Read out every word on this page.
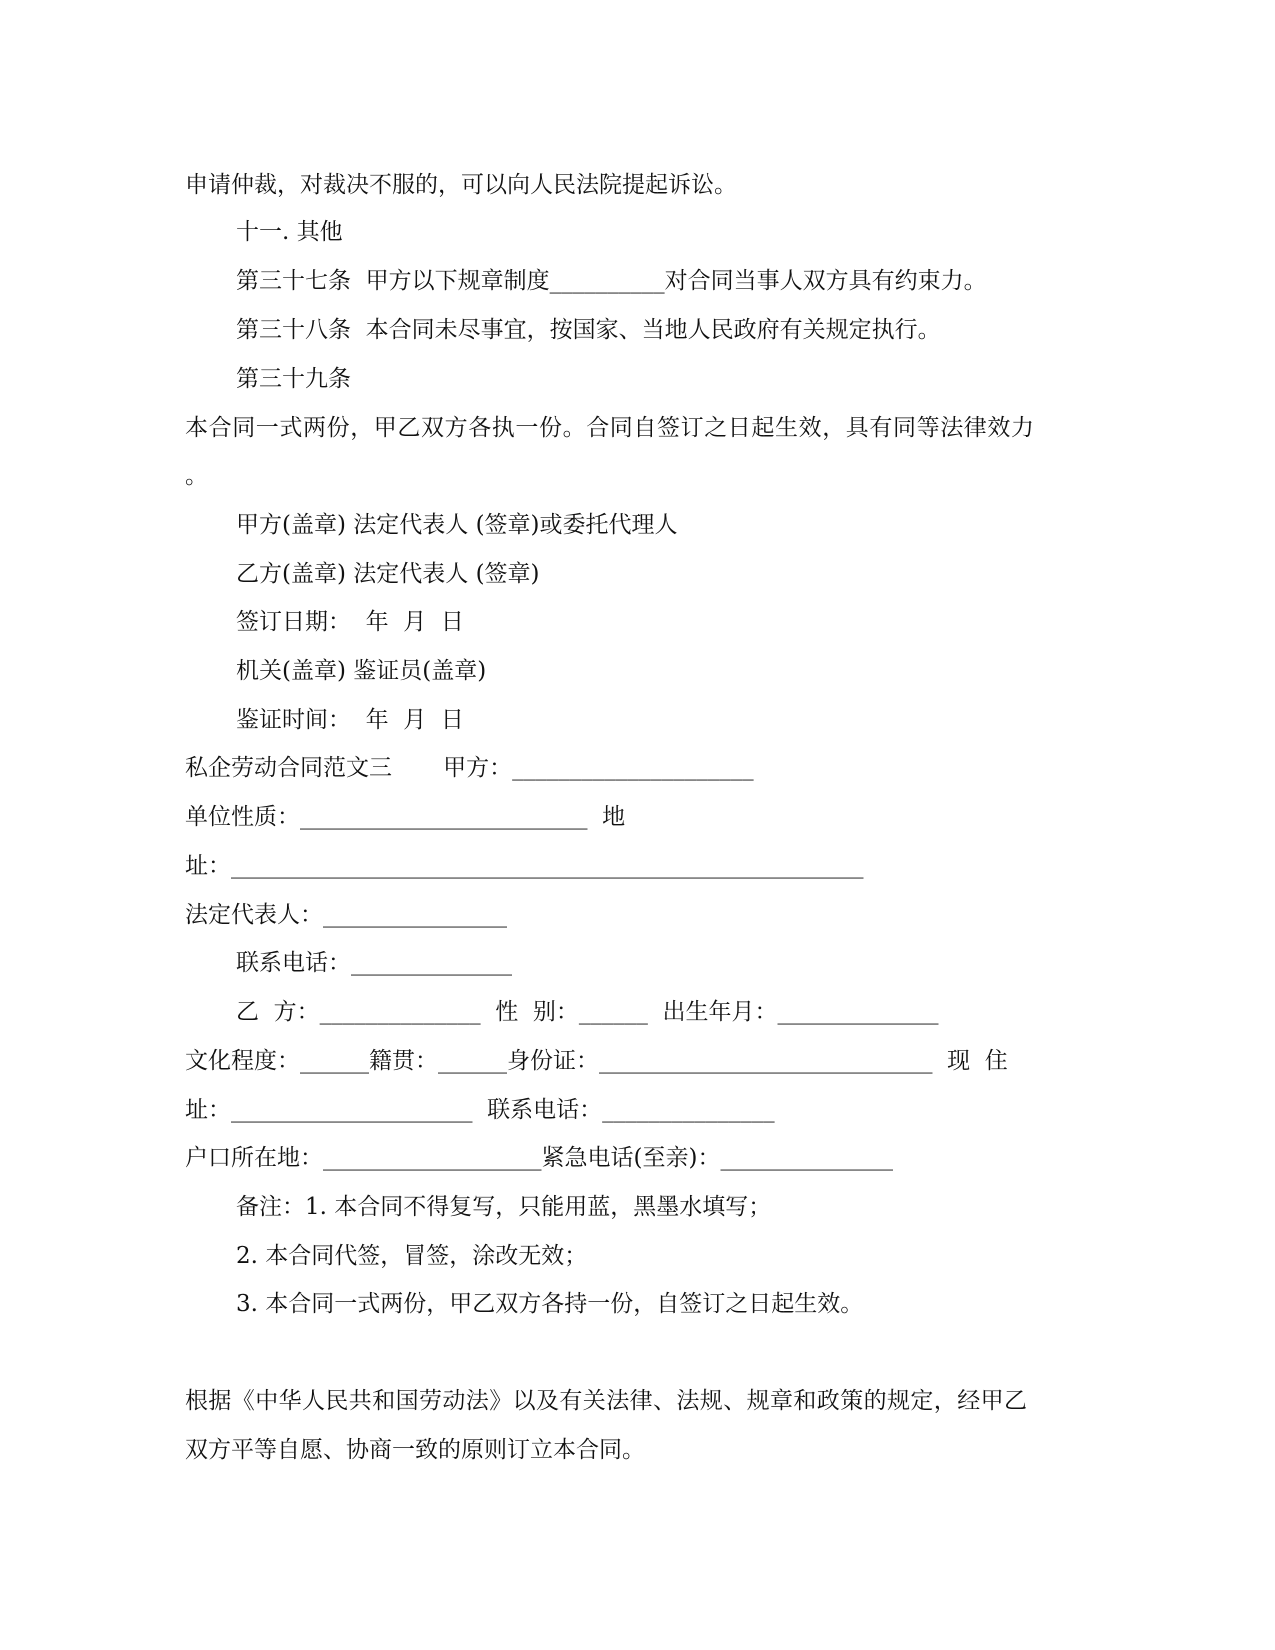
申请仲裁，对裁决不服的，可以向人民法院提起诉讼。
十一. 其他
第三十七条  甲方以下规章制度__________对合同当事人双方具有约束力。
第三十八条  本合同未尽事宜，按国家、当地人民政府有关规定执行。
第三十九条
本合同一式两份，甲乙双方各执一份。合同自签订之日起生效，具有同等法律效力
。
甲方(盖章) 法定代表人 (签章)或委托代理人
乙方(盖章) 法定代表人 (签章)
签订日期：  年  月  日
机关(盖章) 鉴证员(盖章)
鉴证时间：  年  月  日
私企劳动合同范文三       甲方：_____________________
单位性质：_________________________  地
址：_______________________________________________________
法定代表人：________________
联系电话：______________
乙  方：______________  性  别：______  出生年月：______________
文化程度：______籍贯：______身份证：_____________________________  现  住
址：_____________________  联系电话：_______________
户口所在地：___________________紧急电话(至亲)：_______________
备注：1. 本合同不得复写，只能用蓝，黑墨水填写；
2. 本合同代签，冒签，涂改无效；
3. 本合同一式两份，甲乙双方各持一份，自签订之日起生效。
根据《中华人民共和国劳动法》以及有关法律、法规、规章和政策的规定，经甲乙
双方平等自愿、协商一致的原则订立本合同。
